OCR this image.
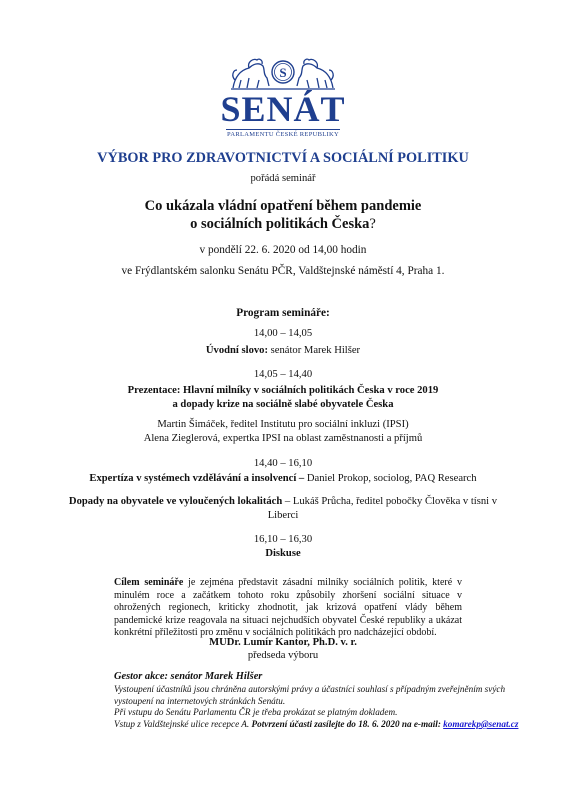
S
SENÁT
PARLAMENTU ČESKÉ REPUBLIKY
VÝBOR PRO ZDRAVOTNICTVÍ A SOCIÁLNÍ POLITIKU
pořádá seminář
Co ukázala vládní opatření během pandemie
o sociálních politikách Česka?
v pondělí 22. 6. 2020 od 14,00 hodin
ve Frýdlantském salonku Senátu PČR, Valdštejnské náměstí 4, Praha 1.
Program semináře:
14,00 – 14,05
Úvodní slovo: senátor Marek Hilšer
14,05 – 14,40
Prezentace: Hlavní milníky v sociálních politikách Česka v roce 2019
a dopady krize na sociálně slabé obyvatele Česka
Martin Šimáček, ředitel Institutu pro sociální inkluzi (IPSI)
Alena Zieglerová, expertka IPSI na oblast zaměstnanosti a příjmů
14,40 – 16,10
Expertíza v systémech vzdělávání a insolvencí – Daniel Prokop, sociolog, PAQ Research
Dopady na obyvatele ve vyloučených lokalitách – Lukáš Průcha, ředitel pobočky Člověka v tísni v
Liberci
16,10 – 16,30
Diskuse
Cílem semináře je zejména představit zásadní milníky sociálních politik, které v minulém roce a začátkem tohoto roku způsobily zhoršení sociální situace v ohrožených regionech, kriticky zhodnotit, jak krizová opatření vlády během pandemické krize reagovala na situaci nejchudších obyvatel České republiky a ukázat konkrétní příležitosti pro změnu v sociálních politikách pro nadcházející období.
MUDr. Lumír Kantor, Ph.D. v. r.
předseda výboru
Gestor akce: senátor Marek Hilšer
Vystoupení účastníků jsou chráněna autorskými právy a účastníci souhlasí s případným zveřejněním svých vystoupení na internetových stránkách Senátu.
Při vstupu do Senátu Parlamentu ČR je třeba prokázat se platným dokladem.
Vstup z Valdštejnské ulice recepce A. Potvrzení účasti zasílejte do 18. 6. 2020 na e-mail: komarekp@senat.cz
